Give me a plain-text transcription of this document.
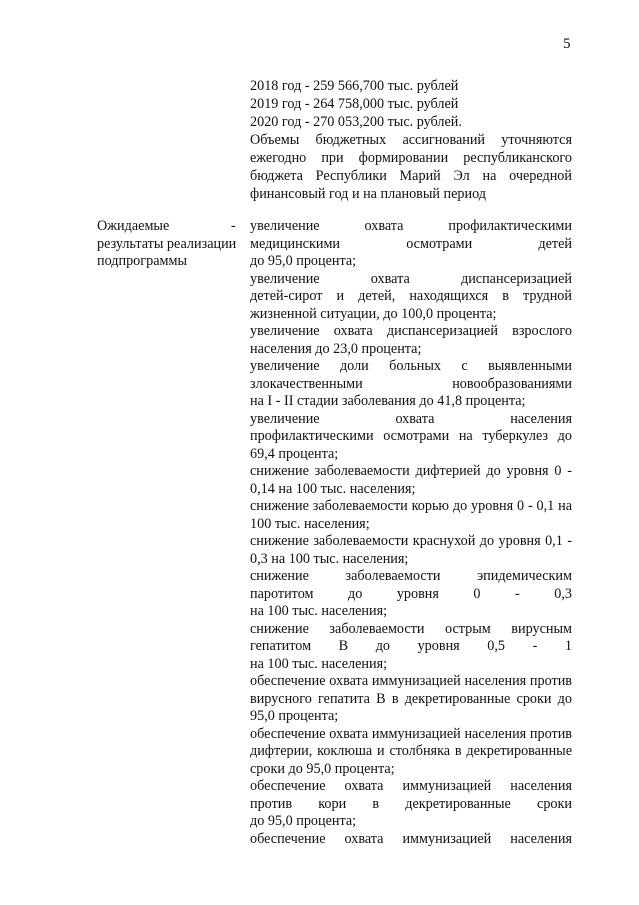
5
2018 год - 259 566,700 тыс. рублей
2019 год - 264 758,000 тыс. рублей
2020 год - 270 053,200 тыс. рублей.
Объемы бюджетных ассигнований уточняются ежегодно при формировании республиканского бюджета Республики Марий Эл на очередной финансовый год и на плановый период
Ожидаемые результаты реализации подпрограммы
- увеличение охвата профилактическими
медицинскими осмотрами детей
до 95,0 процента;
увеличение охвата диспансеризацией
детей-сирот и детей, находящихся в трудной жизненной ситуации, до 100,0 процента;
увеличение охвата диспансеризацией взрослого населения до 23,0 процента;
увеличение доли больных с выявленными
злокачественными новообразованиями
на I - II стадии заболевания до 41,8 процента;
увеличение охвата населения
профилактическими осмотрами на туберкулез до 69,4 процента;
снижение заболеваемости дифтерией до уровня 0 - 0,14 на 100 тыс. населения;
снижение заболеваемости корью до уровня 0 - 0,1 на 100 тыс. населения;
снижение заболеваемости краснухой до уровня 0,1 - 0,3 на 100 тыс. населения;
снижение заболеваемости эпидемическим
паротитом до уровня 0 - 0,3
на 100 тыс. населения;
снижение заболеваемости острым вирусным
гепатитом В до уровня 0,5 - 1
на 100 тыс. населения;
обеспечение охвата иммунизацией населения против вирусного гепатита В в декретированные сроки до 95,0 процента;
обеспечение охвата иммунизацией населения против дифтерии, коклюша и столбняка в декретированные сроки до 95,0 процента;
обеспечение охвата иммунизацией населения
против кори в декретированные сроки
до 95,0 процента;
обеспечение охвата иммунизацией населения
